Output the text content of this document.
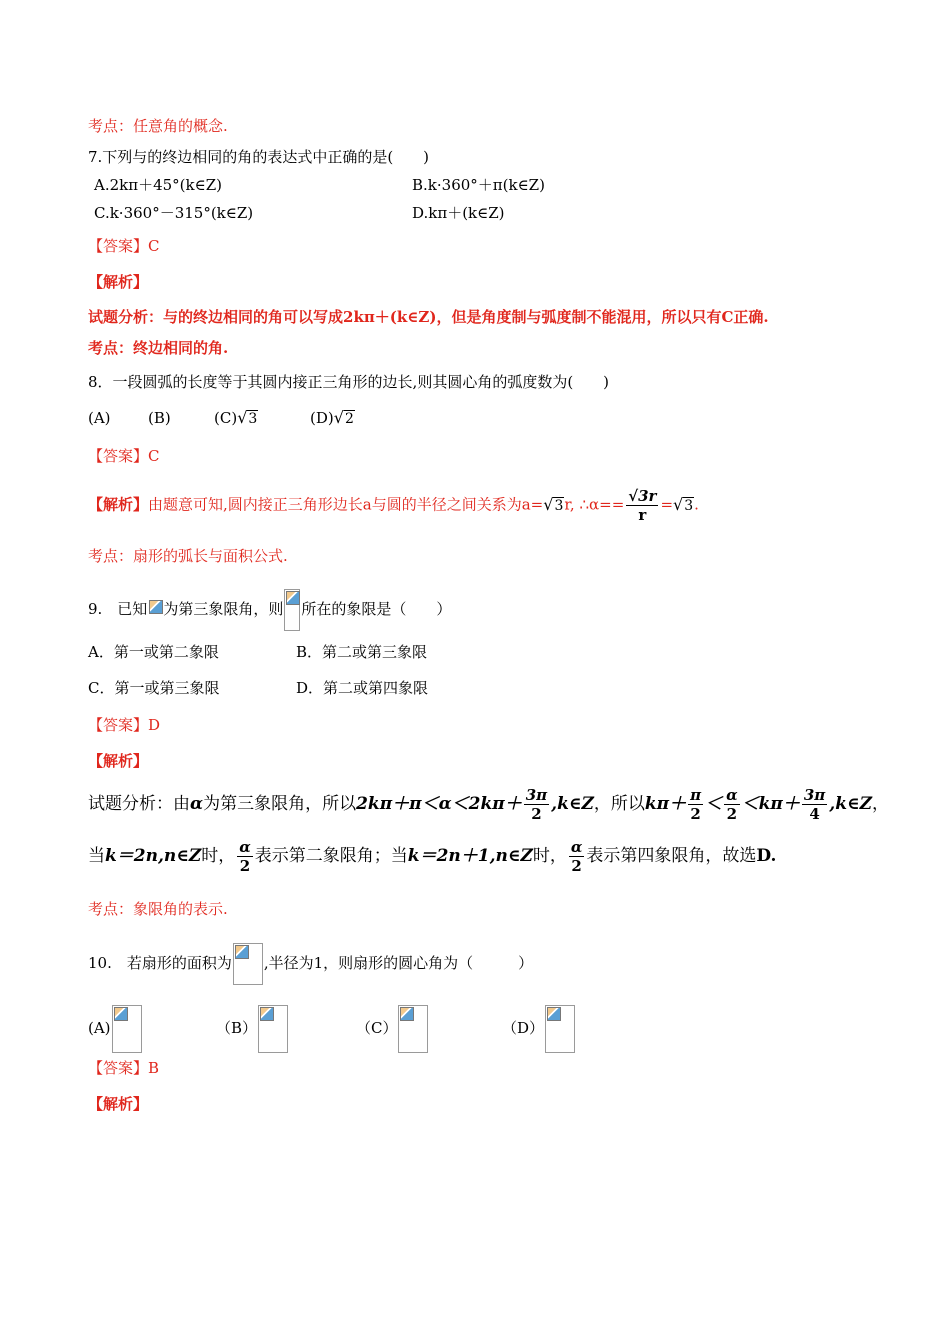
考点：任意角的概念.
7.下列与的终边相同的角的表达式中正确的是(　　)
A.2kπ＋45°(k∈Z)	B.k·360°＋π(k∈Z)
C.k·360°－315°(k∈Z)	D.kπ＋(k∈Z)
【答案】C
【解析】
试题分析：与的终边相同的角可以写成2kπ＋(k∈Z)，但是角度制与弧度制不能混用，所以只有C正确.
考点：终边相同的角.
8．一段圆弧的长度等于其圆内接正三角形的边长,则其圆心角的弧度数为(　　)
(A) (B)	(C)√3	(D)√2
【答案】C
【解析】由题意可知,圆内接正三角形边长a与圆的半径之间关系为a=√3r, ∴α== $\frac{√3r}{r} =√3$.
考点：扇形的弧长与面积公式.
9.　已知 为第三象限角，则 所在的象限是（　　）
A．第一或第二象限	B．第二或第三象限
C．第一或第三象限	D．第二或第四象限
【答案】D
【解析】
试题分析：由α为第三象限角，所以$2k\pi+\pi<\alpha<2k\pi+ \frac{3\pi}{2}$ ,k∈Z，所以$k\pi+ \frac{\pi}{2} < \frac{\alpha}{2} <k\pi+ \frac{3\pi}{4}$ ,k∈Z，
当k＝2n,n∈Z时， $\frac{\alpha}{2}$ 表示第二象限角；当k＝2n＋1,n∈Z时， $\frac{\alpha}{2}$ 表示第四象限角，故选D.
考点：象限角的表示.
10.　若扇形的面积为 ,半径为1，则扇形的圆心角为（　　　）
(A)	（B）	（C）	（D）
【答案】B
【解析】
